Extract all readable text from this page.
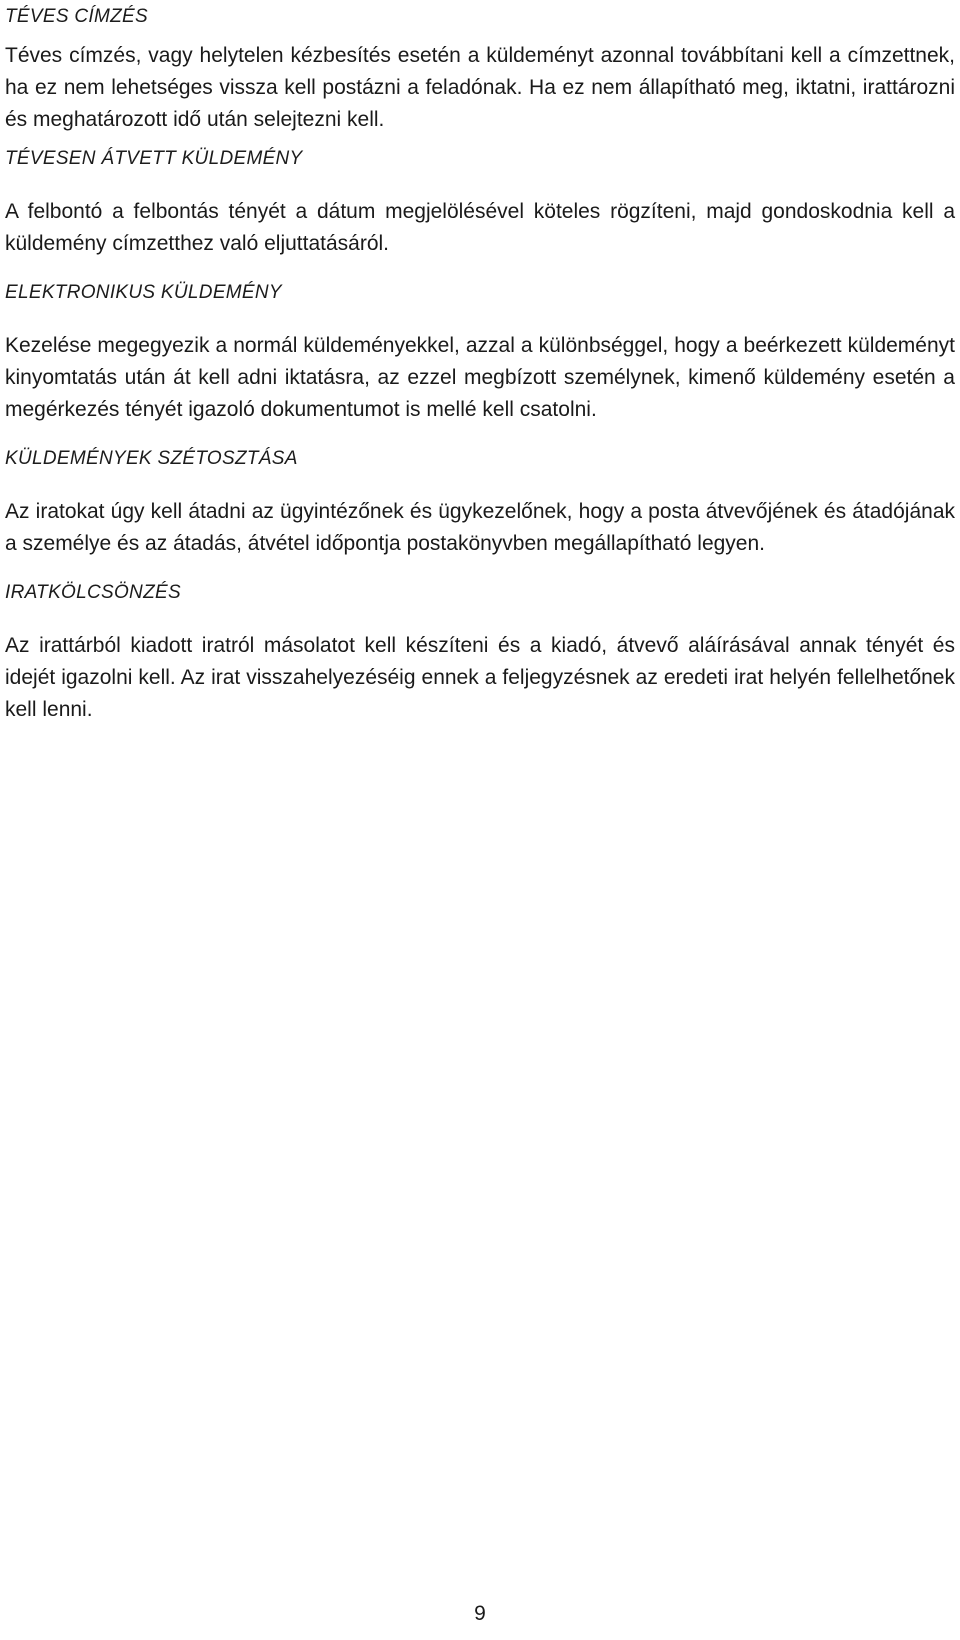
TÉVES CÍMZÉS

Téves címzés, vagy helytelen kézbesítés esetén a küldeményt azonnal továbbítani kell a címzettnek, ha ez nem lehetséges vissza kell postázni a feladónak. Ha ez nem állapítható meg, iktatni, irattározni és meghatározott idő után selejtezni kell.

TÉVESEN ÁTVETT KÜLDEMÉNY

A felbontó a felbontás tényét a dátum megjelölésével köteles rögzíteni, majd gondoskodnia kell a küldemény címzetthez való eljuttatásáról.

ELEKTRONIKUS KÜLDEMÉNY

Kezelése megegyezik a normál küldeményekkel, azzal a különbséggel, hogy a beérkezett küldeményt kinyomtatás után át kell adni iktatásra, az ezzel megbízott személynek, kimenő küldemény esetén a megérkezés tényét igazoló dokumentumot is mellé kell csatolni.

KÜLDEMÉNYEK SZÉTOSZTÁSA

Az iratokat úgy kell átadni az ügyintézőnek és ügykezelőnek, hogy a posta átvevőjének és átadójának a személye és az átadás, átvétel időpontja postakönyvben megállapítható legyen.

IRATKÖLCSÖNZÉS

Az irattárból kiadott iratról másolatot kell készíteni és a kiadó, átvevő aláírásával annak tényét és idejét igazolni kell. Az irat visszahelyezéséig ennek a feljegyzésnek az eredeti irat helyén fellelhetőnek kell lenni.

9
